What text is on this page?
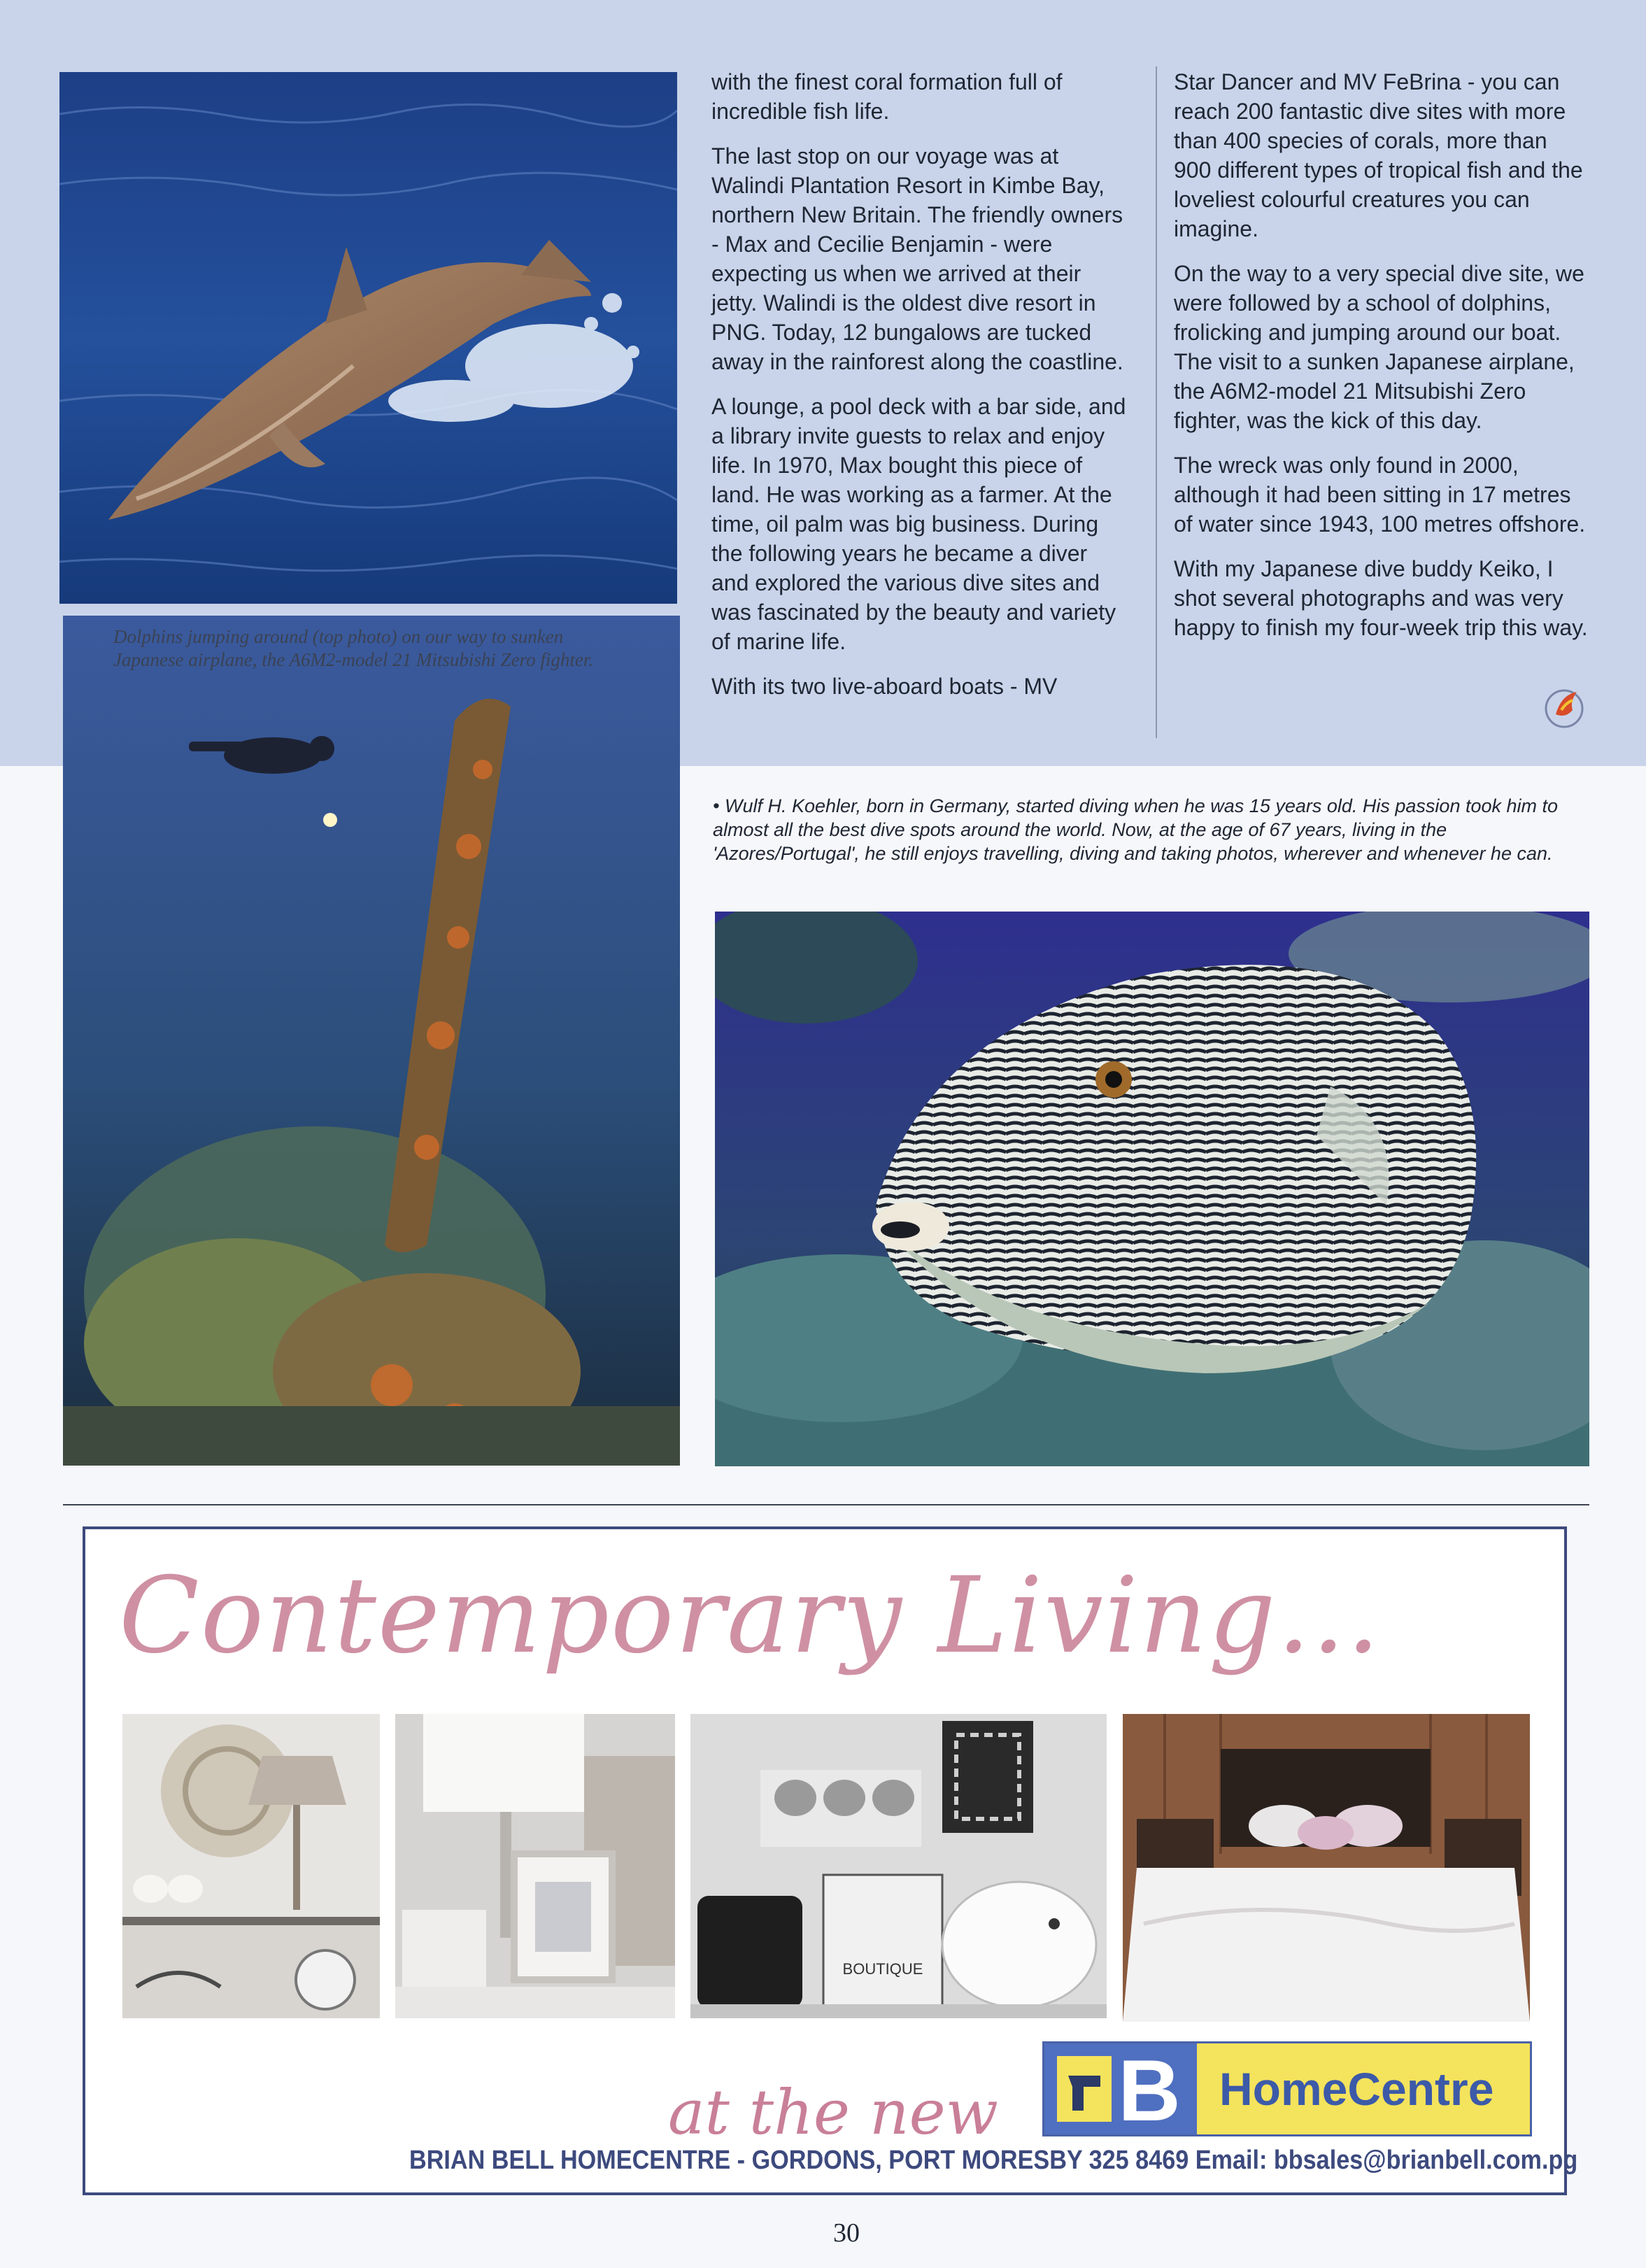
Dolphins jumping around (top photo) on our way to sunken Japanese airplane, the A6M2-model 21 Mitsubishi Zero fighter.

with the finest coral formation full of incredible fish life.

The last stop on our voyage was at Walindi Plantation Resort in Kimbe Bay, northern New Britain. The friendly owners - Max and Cecilie Benjamin - were expecting us when we arrived at their jetty. Walindi is the oldest dive resort in PNG. Today, 12 bungalows are tucked away in the rainforest along the coastline.

A lounge, a pool deck with a bar side, and a library invite guests to relax and enjoy life. In 1970, Max bought this piece of land. He was working as a farmer. At the time, oil palm was big business. During the following years he became a diver and explored the various dive sites and was fascinated by the beauty and variety of marine life.

With its two live-aboard boats - MV

Star Dancer and MV FeBrina - you can reach 200 fantastic dive sites with more than 400 species of corals, more than 900 different types of tropical fish and the loveliest colourful creatures you can imagine.

On the way to a very special dive site, we were followed by a school of dolphins, frolicking and jumping around our boat. The visit to a sunken Japanese airplane, the A6M2-model 21 Mitsubishi Zero fighter, was the kick of this day.

The wreck was only found in 2000, although it had been sitting in 17 metres of water since 1943, 100 metres offshore.

With my Japanese dive buddy Keiko, I shot several photographs and was very happy to finish my four-week trip this way.

• Wulf H. Koehler, born in Germany, started diving when he was 15 years old. His passion took him to almost all the best dive spots around the world. Now, at the age of 67 years, living in the 'Azores/Portugal', he still enjoys travelling, diving and taking photos, wherever and whenever he can.
Contemporary Living...
BOUTIQUE
at the new	B HomeCentre
BRIAN BELL HOMECENTRE - GORDONS, PORT MORESBY 325 8469 Email: bbsales@brianbell.com.pg
30
